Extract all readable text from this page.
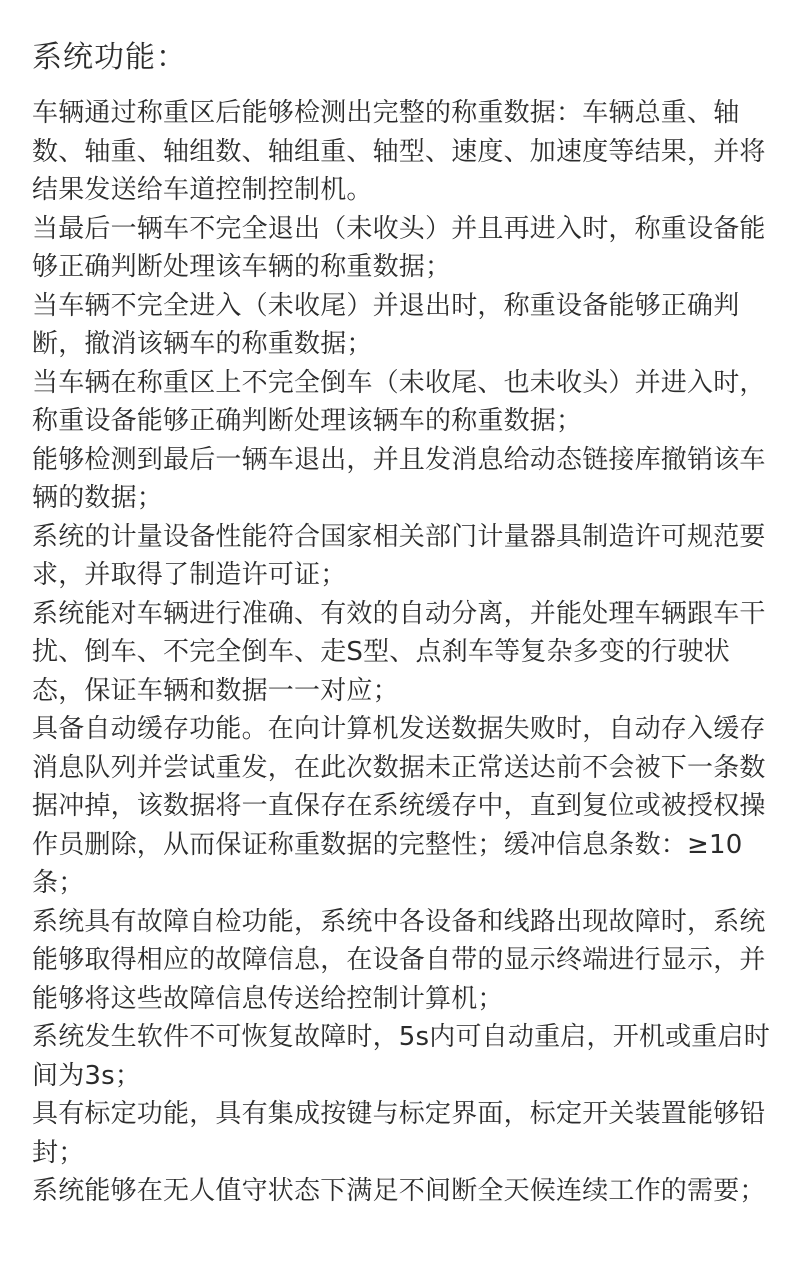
系统功能：

车辆通过称重区后能够检测出完整的称重数据：车辆总重、轴数、轴重、轴组数、轴组重、轴型、速度、加速度等结果，并将结果发送给车道控制控制机。

当最后一辆车不完全退出（未收头）并且再进入时，称重设备能够正确判断处理该车辆的称重数据；

当车辆不完全进入（未收尾）并退出时，称重设备能够正确判断，撤消该辆车的称重数据；

当车辆在称重区上不完全倒车（未收尾、也未收头）并进入时，称重设备能够正确判断处理该辆车的称重数据；

能够检测到最后一辆车退出，并且发消息给动态链接库撤销该车辆的数据；

系统的计量设备性能符合国家相关部门计量器具制造许可规范要求，并取得了制造许可证；

系统能对车辆进行准确、有效的自动分离，并能处理车辆跟车干扰、倒车、不完全倒车、走S型、点刹车等复杂多变的行驶状态，保证车辆和数据一一对应；

具备自动缓存功能。在向计算机发送数据失败时，自动存入缓存消息队列并尝试重发，在此次数据未正常送达前不会被下一条数据冲掉，该数据将一直保存在系统缓存中，直到复位或被授权操作员删除，从而保证称重数据的完整性；缓冲信息条数：≥10条；

系统具有故障自检功能，系统中各设备和线路出现故障时，系统能够取得相应的故障信息，在设备自带的显示终端进行显示，并能够将这些故障信息传送给控制计算机；

系统发生软件不可恢复故障时，5s内可自动重启，开机或重启时间为3s；

具有标定功能，具有集成按键与标定界面，标定开关装置能够铅封；

系统能够在无人值守状态下满足不间断全天候连续工作的需要；
